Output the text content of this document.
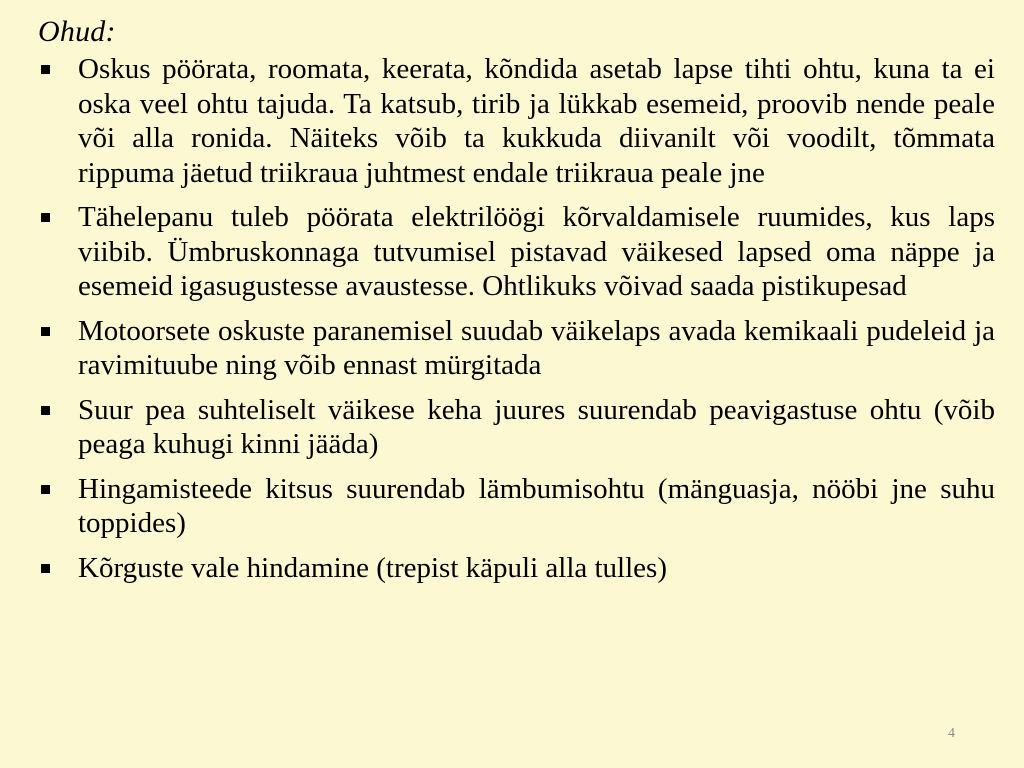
Ohud:
Oskus pöörata, roomata, keerata, kõndida asetab lapse tihti ohtu, kuna ta ei oska veel ohtu tajuda. Ta katsub, tirib ja lükkab esemeid, proovib nende peale või alla ronida. Näiteks võib ta kukkuda diivanilt või voodilt, tõmmata rippuma jäetud triikraua juhtmest endale triikraua peale jne
Tähelepanu tuleb pöörata elektrilöögi kõrvaldamisele ruumides, kus laps viibib. Ümbruskonnaga tutvumisel pistavad väikesed lapsed oma näppe ja esemeid igasugustesse avaustesse. Ohtlikuks võivad saada pistikupesad
Motoorsete oskuste paranemisel suudab väikelaps avada kemikaali pudeleid ja ravimituube ning võib ennast mürgitada
Suur pea suhteliselt väikese keha juures suurendab peavigastuse ohtu (võib peaga kuhugi kinni jääda)
Hingamisteede kitsus suurendab lämbumisohtu (mänguasja, nööbi jne suhu toppides)
Kõrguste vale hindamine (trepist käpuli alla tulles)
4
